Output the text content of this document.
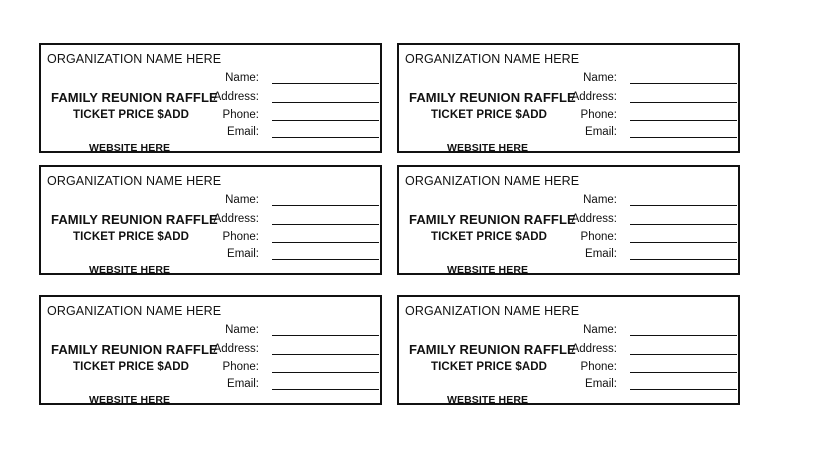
ORGANIZATION NAME HERE
FAMILY REUNION RAFFLE
TICKET PRICE $ADD
WEBSITE HERE
Name:
Address:
Phone:
Email:
ORGANIZATION NAME HERE
FAMILY REUNION RAFFLE
TICKET PRICE $ADD
WEBSITE HERE
Name:
Address:
Phone:
Email:
ORGANIZATION NAME HERE
FAMILY REUNION RAFFLE
TICKET PRICE $ADD
WEBSITE HERE
Name:
Address:
Phone:
Email:
ORGANIZATION NAME HERE
FAMILY REUNION RAFFLE
TICKET PRICE $ADD
WEBSITE HERE
Name:
Address:
Phone:
Email:
ORGANIZATION NAME HERE
FAMILY REUNION RAFFLE
TICKET PRICE $ADD
WEBSITE HERE
Name:
Address:
Phone:
Email:
ORGANIZATION NAME HERE
FAMILY REUNION RAFFLE
TICKET PRICE $ADD
WEBSITE HERE
Name:
Address:
Phone:
Email:
